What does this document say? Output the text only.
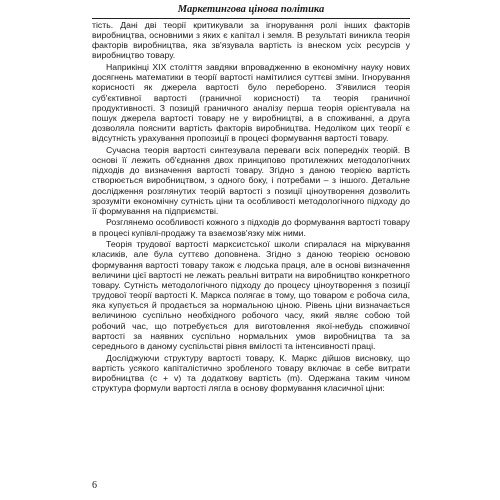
Маркетингова цінова політика

тість. Дані дві теорії критикували за ігнорування ролі інших факторів виробництва, основними з яких є капітал і земля. В результаті виникла теорія факторів виробництва, яка зв'язувала вартість із внеском усіх ресурсів у виробництво товару.

Наприкінці XIX століття завдяки впровадженню в економічну науку нових досягнень математики в теорії вартості намітилися суттєві зміни. Ігнорування корисності як джерела вартості було переборено. З'явилися теорія суб'єктивної вартості (граничної корисності) та теорія граничної продуктивності. З позицій граничного аналізу перша теорія орієнтувала на пошук джерела вартості товару не у виробництві, а в споживанні, а друга дозволяла пояснити вартість факторів виробництва. Недоліком цих теорії є відсутність урахування пропозиції в процесі формування вартості товару.

Сучасна теорія вартості синтезувала переваги всіх попередніх теорій. В основі її лежить об'єднання двох принципово протилежних методологічних підходів до визначення вартості товару. Згідно з даною теорією вартість створюється виробництвом, з одного боку, і потребами – з іншого. Детальне дослідження розглянутих теорій вартості з позиції ціноутворення дозволить зрозуміти економічну сутність ціни та особливості методологічного підходу до її формування на підприємстві.

Розглянемо особливості кожного з підходів до формування вартості товару в процесі купівлі-продажу та взаємозв'язку між ними.

Теорія трудової вартості марксистської школи спиралася на міркування класиків, але була суттєво доповнена. Згідно з даною теорією основою формування вартості товару також є людська праця, але в основі визначення величини цієї вартості не лежать реальні витрати на виробництво конкретного товару. Сутність методологічного підходу до процесу ціноутворення з позиції трудової теорії вартості К. Маркса полягає в тому, що товаром є робоча сила, яка купується й продається за нормальною ціною. Рівень ціни визначається величиною суспільно необхідного робочого часу, який являє собою той робочий час, що потребується для виготовлення якої-небудь споживчої вартості за наявних суспільно нормальних умов виробництва та за середнього в даному суспільстві рівня вмілості та інтенсивності праці.

Досліджуючи структуру вартості товару, К. Маркс дійшов висновку, що вартість усякого капіталістично зробленого товару включає в себе витрати виробництва (с + v) та додаткову вартість (m). Одержана таким чином структура формули вартості лягла в основу формування класичної ціни:

6
